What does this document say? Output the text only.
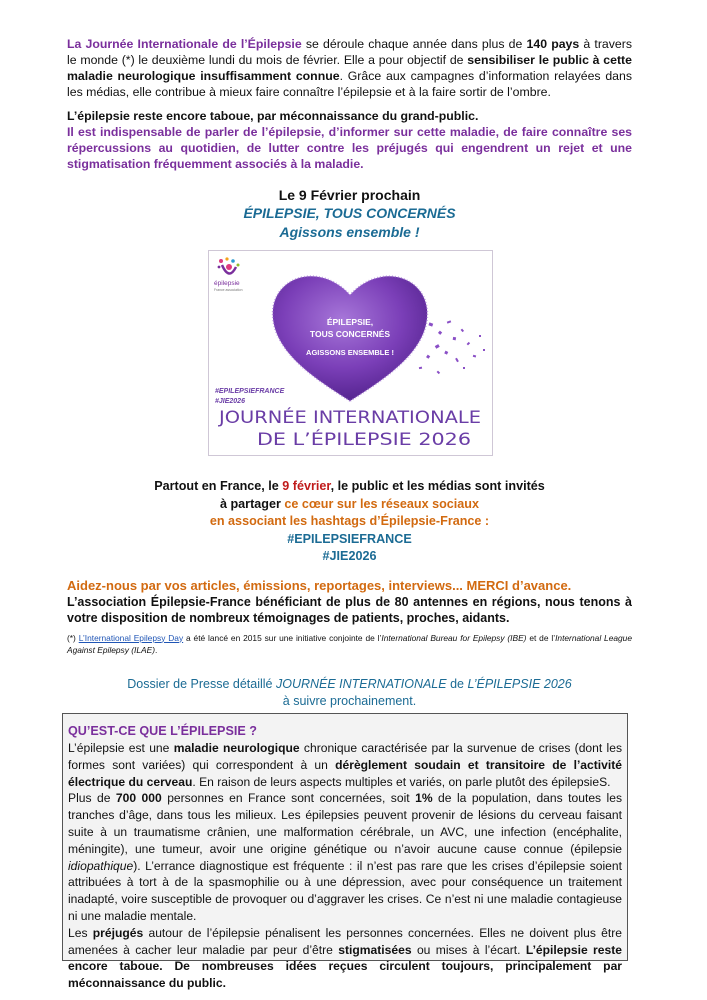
La Journée Internationale de l’Épilepsie se déroule chaque année dans plus de 140 pays à travers le monde (*) le deuxième lundi du mois de février. Elle a pour objectif de sensibiliser le public à cette maladie neurologique insuffisamment connue. Grâce aux campagnes d’information relayées dans les médias, elle contribue à mieux faire connaître l’épilepsie et à la faire sortir de l’ombre.

L’épilepsie reste encore taboue, par méconnaissance du grand-public.

Il est indispensable de parler de l’épilepsie, d’informer sur cette maladie, de faire connaître ses répercussions au quotidien, de lutter contre les préjugés qui engendrent un rejet et une stigmatisation fréquemment associés à la maladie.

Le 9 Février prochain

ÉPILEPSIE, TOUS CONCERNÉS

Agissons ensemble !

épilepsie
France association
ÉPILEPSIE,
TOUS CONCERNÉS
AGISSONS ENSEMBLE !
#EPILEPSIEFRANCE
#JIE2026
JOURNÉE INTERNATIONALE
DE L’ÉPILEPSIE 2026

Partout en France, le 9 février, le public et les médias sont invités
à partager ce cœur sur les réseaux sociaux
en associant les hashtags d’Épilepsie-France :
#EPILEPSIEFRANCE
#JIE2026

Aidez-nous par vos articles, émissions, reportages, interviews... MERCI d’avance.

L’association Épilepsie-France bénéficiant de plus de 80 antennes en régions, nous tenons à votre disposition de nombreux témoignages de patients, proches, aidants.

(*) L’International Epilepsy Day a été lancé en 2015 sur une initiative conjointe de l’International Bureau for Epilepsy (IBE) et de l’International League Against Epilepsy (ILAE).

Dossier de Presse détaillé JOURNÉE INTERNATIONALE de L’ÉPILEPSIE 2026
à suivre prochainement.

QU’EST-CE QUE L’ÉPILEPSIE ?

L’épilepsie est une maladie neurologique chronique caractérisée par la survenue de crises (dont les formes sont variées) qui correspondent à un dérèglement soudain et transitoire de l’activité électrique du cerveau. En raison de leurs aspects multiples et variés, on parle plutôt des épilepsieS.

Plus de 700 000 personnes en France sont concernées, soit 1% de la population, dans toutes les tranches d’âge, dans tous les milieux. Les épilepsies peuvent provenir de lésions du cerveau faisant suite à un traumatisme crânien, une malformation cérébrale, un AVC, une infection (encéphalite, méningite), une tumeur, avoir une origine génétique ou n’avoir aucune cause connue (épilepsie idiopathique). L’errance diagnostique est fréquente : il n’est pas rare que les crises d’épilepsie soient attribuées à tort à de la spasmophilie ou à une dépression, avec pour conséquence un traitement inadapté, voire susceptible de provoquer ou d’aggraver les crises. Ce n’est ni une maladie contagieuse ni une maladie mentale.

Les préjugés autour de l’épilepsie pénalisent les personnes concernées. Elles ne doivent plus être amenées à cacher leur maladie par peur d’être stigmatisées ou mises à l’écart. L’épilepsie reste encore taboue. De nombreuses idées reçues circulent toujours, principalement par méconnaissance du public.
